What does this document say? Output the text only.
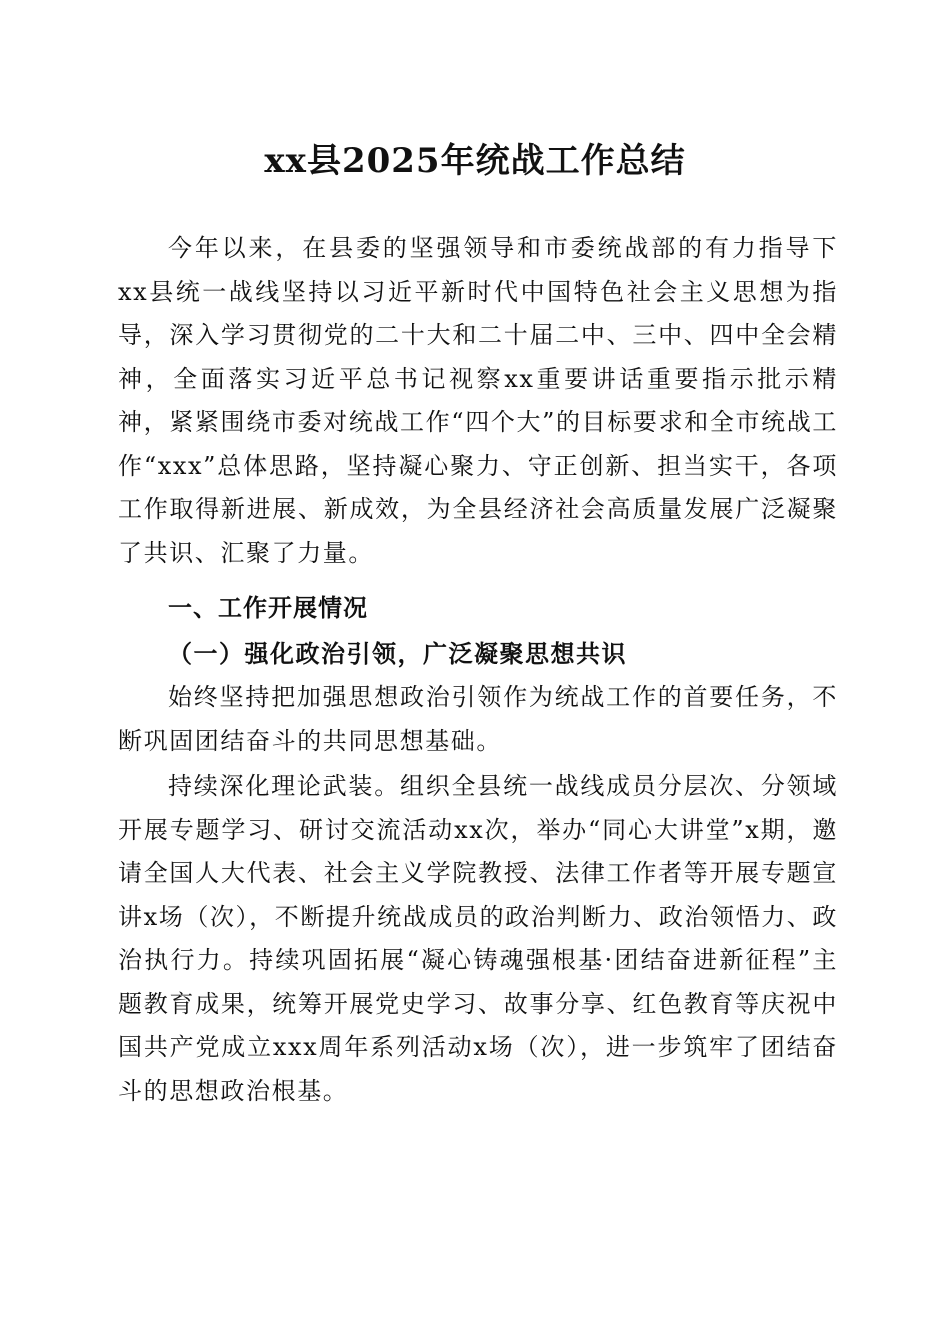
xx县2025年统战工作总结

今年以来，在县委的坚强领导和市委统战部的有力指导下xx县统一战线坚持以习近平新时代中国特色社会主义思想为指导，深入学习贯彻党的二十大和二十届二中、三中、四中全会精神，全面落实习近平总书记视察xx重要讲话重要指示批示精神，紧紧围绕市委对统战工作“四个大”的目标要求和全市统战工作“xxx”总体思路，坚持凝心聚力、守正创新、担当实干，各项工作取得新进展、新成效，为全县经济社会高质量发展广泛凝聚了共识、汇聚了力量。

一、工作开展情况
（一）强化政治引领，广泛凝聚思想共识

始终坚持把加强思想政治引领作为统战工作的首要任务，不断巩固团结奋斗的共同思想基础。

持续深化理论武装。组织全县统一战线成员分层次、分领域开展专题学习、研讨交流活动xx次，举办“同心大讲堂”x期，邀请全国人大代表、社会主义学院教授、法律工作者等开展专题宣讲x场（次），不断提升统战成员的政治判断力、政治领悟力、政治执行力。持续巩固拓展“凝心铸魂强根基·团结奋进新征程”主题教育成果，统筹开展党史学习、故事分享、红色教育等庆祝中国共产党成立xxx周年系列活动x场（次），进一步筑牢了团结奋斗的思想政治根基。
